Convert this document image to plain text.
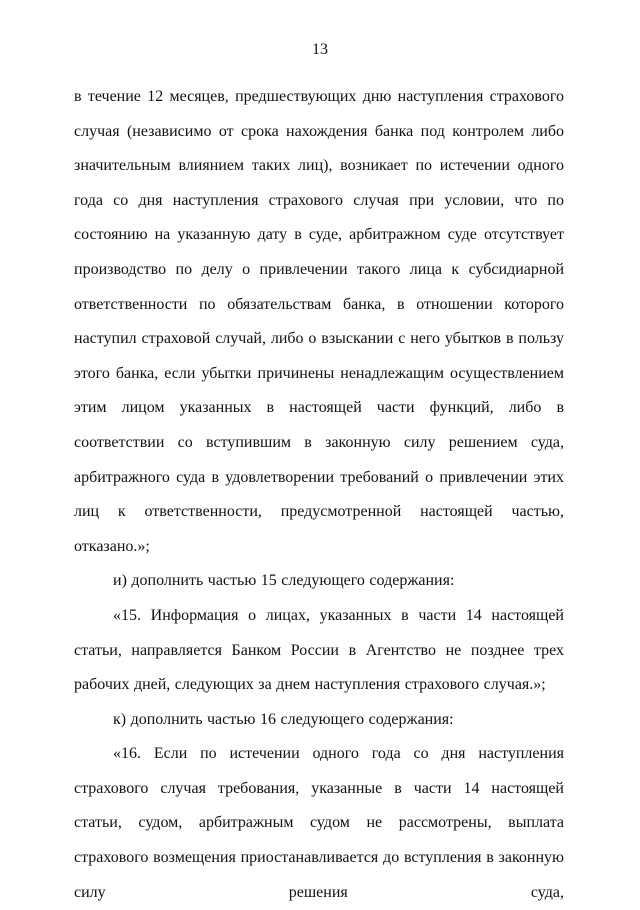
13

в течение 12 месяцев, предшествующих дню наступления страхового случая (независимо от срока нахождения банка под контролем либо значительным влиянием таких лиц), возникает по истечении одного года со дня наступления страхового случая при условии, что по состоянию на указанную дату в суде, арбитражном суде отсутствует производство по делу о привлечении такого лица к субсидиарной ответственности по обязательствам банка, в отношении которого наступил страховой случай, либо о взыскании с него убытков в пользу этого банка, если убытки причинены ненадлежащим осуществлением этим лицом указанных в настоящей части функций, либо в соответствии со вступившим в законную силу решением суда, арбитражного суда в удовлетворении требований о привлечении этих лиц к ответственности, предусмотренной настоящей частью, отказано.»;

и) дополнить частью 15 следующего содержания:

«15. Информация о лицах, указанных в части 14 настоящей статьи, направляется Банком России в Агентство не позднее трех рабочих дней, следующих за днем наступления страхового случая.»;

к) дополнить частью 16 следующего содержания:

«16. Если по истечении одного года со дня наступления страхового случая требования, указанные в части 14 настоящей статьи, судом, арбитражным судом не рассмотрены, выплата страхового возмещения приостанавливается до вступления в законную силу решения суда,
